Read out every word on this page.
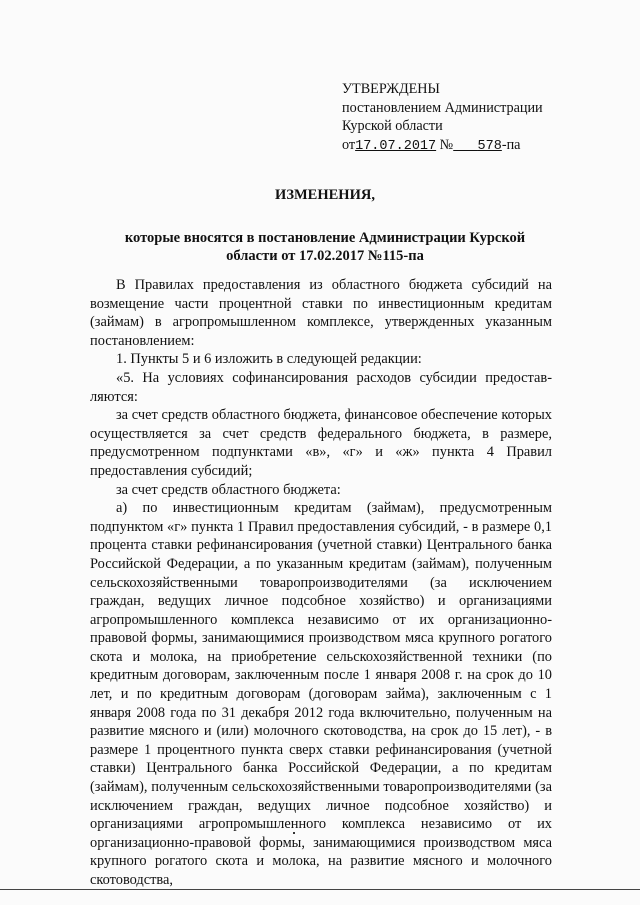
УТВЕРЖДЕНЫ
постановлением Администрации
Курской области
от17.07.2017 № 578-па
ИЗМЕНЕНИЯ,
которые вносятся в постановление Администрации Курской
области от 17.02.2017 №115-па

В Правилах предоставления из областного бюджета субсидий на возмещение части процентной ставки по инвестиционным кредитам (займам) в агропромышленном комплексе, утвержденных указанным постановлением:

1. Пункты 5 и 6 изложить в следующей редакции:

«5. На условиях софинансирования расходов субсидии предостав-ляются:

за счет средств областного бюджета, финансовое обеспечение которых осуществляется за счет средств федерального бюджета, в размере, предусмотренном подпунктами «в», «г» и «ж» пункта 4 Правил предоставления субсидий;

за счет средств областного бюджета:

а) по инвестиционным кредитам (займам), предусмотренным подпунктом «г» пункта 1 Правил предоставления субсидий, - в размере 0,1 процента ставки рефинансирования (учетной ставки) Центрального банка Российской Федерации, а по указанным кредитам (займам), полученным сельскохозяйственными товаропроизводителями (за исключением граждан, ведущих личное подсобное хозяйство) и организациями агропромышленного комплекса независимо от их организационно-правовой формы, занимающимися производством мяса крупного рогатого скота и молока, на приобретение сельскохозяйственной техники (по кредитным договорам, заключенным после 1 января 2008 г. на срок до 10 лет, и по кредитным договорам (договорам займа), заключенным с 1 января 2008 года по 31 декабря 2012 года включительно, полученным на развитие мясного и (или) молочного скотоводства, на срок до 15 лет), - в размере 1 процентного пункта сверх ставки рефинансирования (учетной ставки) Центрального банка Российской Федерации, а по кредитам (займам), полученным сельскохозяйственными товаропроизводителями (за исключением граждан, ведущих личное подсобное хозяйство) и организациями агропромышленного комплекса независимо от их организационно-правовой формы, занимающимися производством мяса крупного рогатого скота и молока, на развитие мясного и молочного скотоводства,
